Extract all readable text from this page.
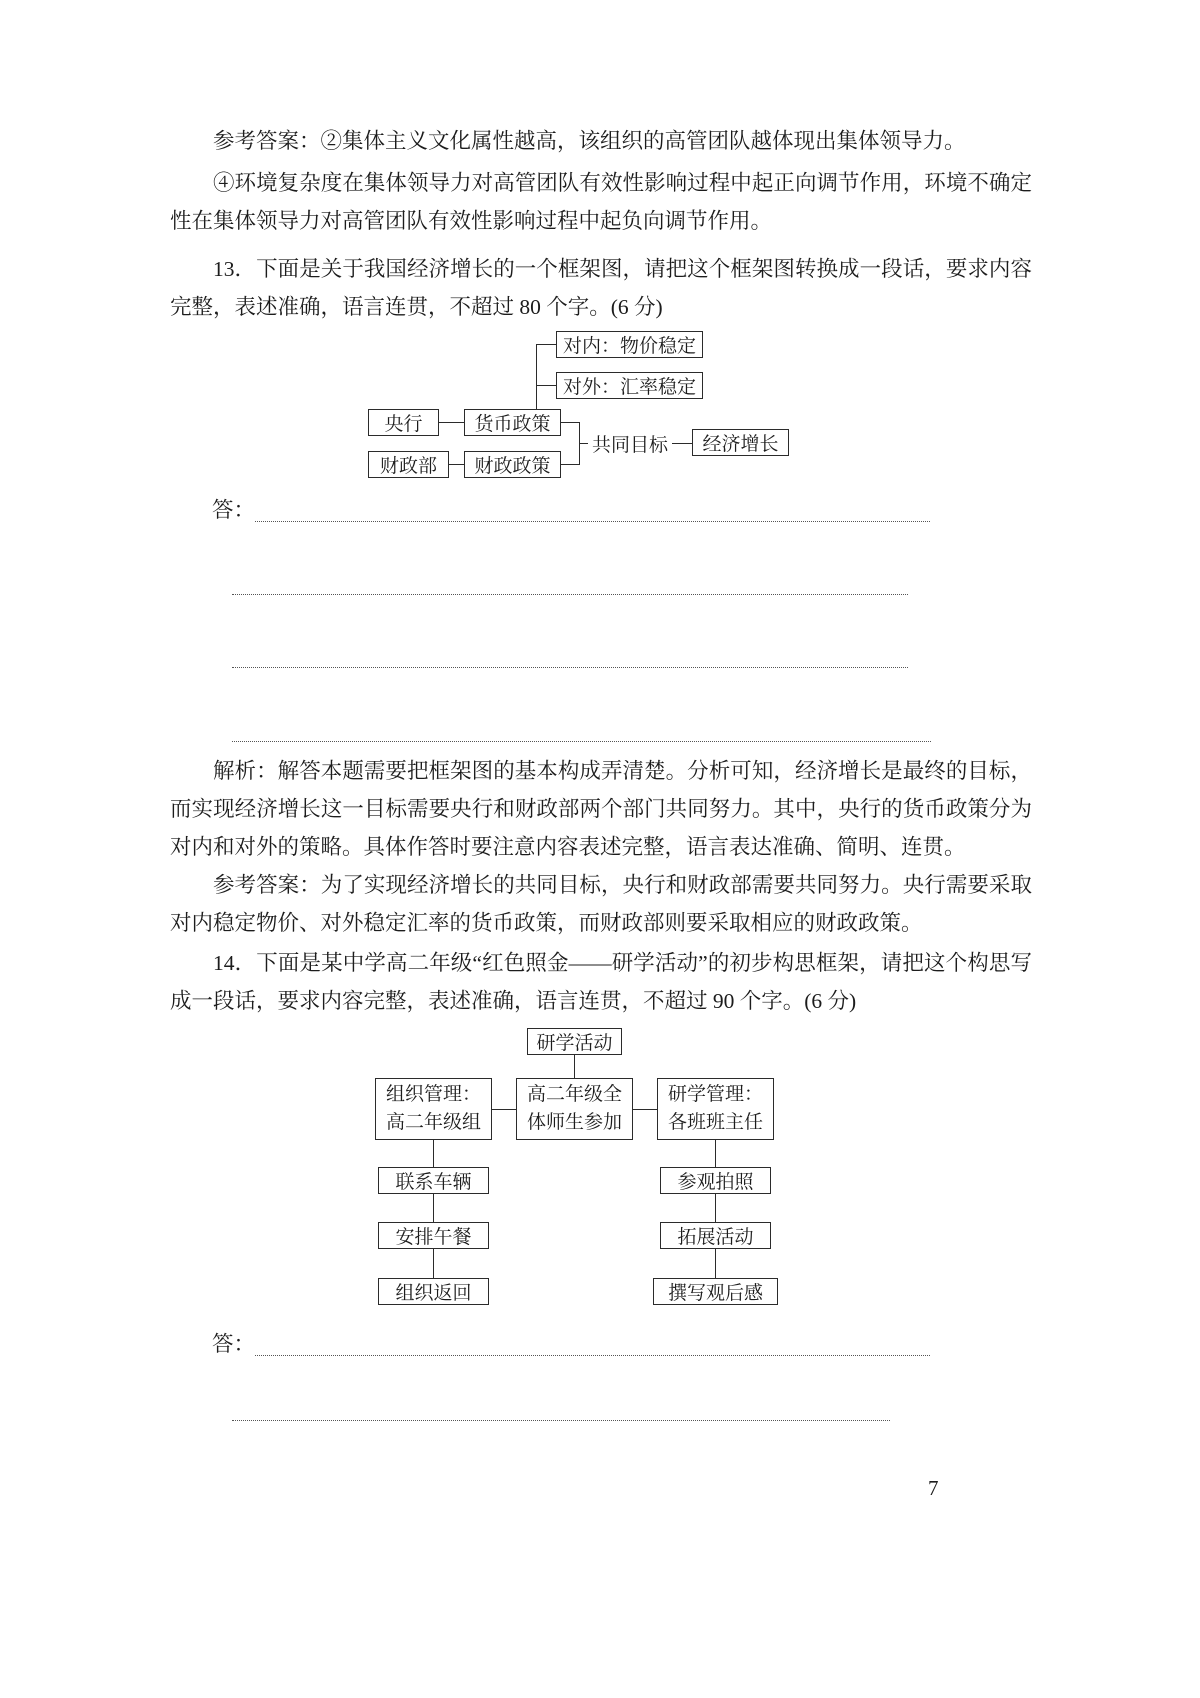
参考答案：②集体主义文化属性越高，该组织的高管团队越体现出集体领导力。
④环境复杂度在集体领导力对高管团队有效性影响过程中起正向调节作用，环境不确定性在集体领导力对高管团队有效性影响过程中起负向调节作用。
13．下面是关于我国经济增长的一个框架图，请把这个框架图转换成一段话，要求内容完整，表述准确，语言连贯，不超过 80 个字。(6 分)
对内：物价稳定
对外：汇率稳定
央行	货币政策
财政部	财政政策
共同目标	经济增长
答：
解析：解答本题需要把框架图的基本构成弄清楚。分析可知，经济增长是最终的目标，而实现经济增长这一目标需要央行和财政部两个部门共同努力。其中，央行的货币政策分为对内和对外的策略。具体作答时要注意内容表述完整，语言表达准确、简明、连贯。
参考答案：为了实现经济增长的共同目标，央行和财政部需要共同努力。央行需要采取对内稳定物价、对外稳定汇率的货币政策，而财政部则要采取相应的财政政策。
14．下面是某中学高二年级“红色照金——研学活动”的初步构思框架，请把这个构思写成一段话，要求内容完整，表述准确，语言连贯，不超过 90 个字。(6 分)
研学活动
组织管理：
高二年级组
高二年级全
体师生参加
研学管理：
各班班主任
联系车辆
安排午餐
组织返回
参观拍照
拓展活动
撰写观后感
答：
7
